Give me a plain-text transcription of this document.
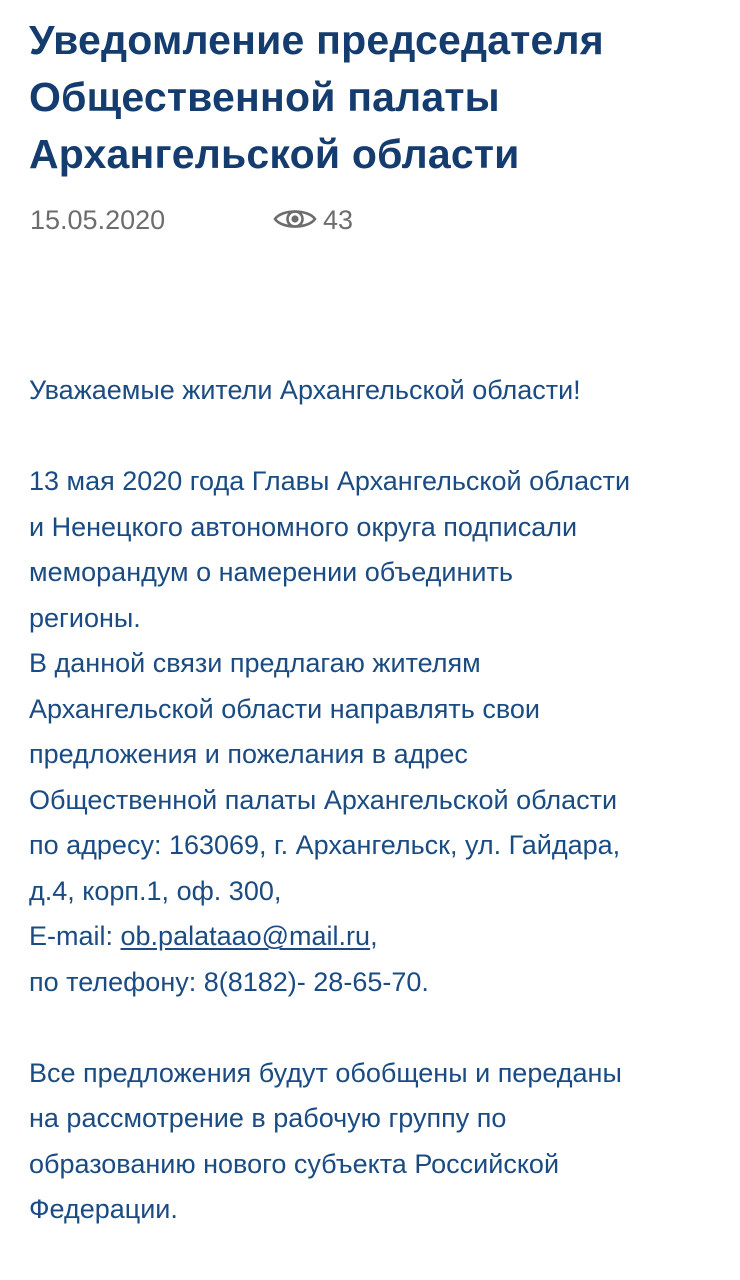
Уведомление председателя
Общественной палаты
Архангельской области
15.05.2020	43
Уважаемые жители Архангельской области!
13 мая 2020 года Главы Архангельской области
и Ненецкого автономного округа подписали
меморандум о намерении объединить
регионы.
В данной связи предлагаю жителям
Архангельской области направлять свои
предложения и пожелания в адрес
Общественной палаты Архангельской области
по адресу: 163069, г. Архангельск, ул. Гайдара,
д.4, корп.1, оф. 300,
E-mail: ob.palataao@mail.ru,
по телефону: 8(8182)- 28-65-70.
Все предложения будут обобщены и переданы
на рассмотрение в рабочую группу по
образованию нового субъекта Российской
Федерации.
